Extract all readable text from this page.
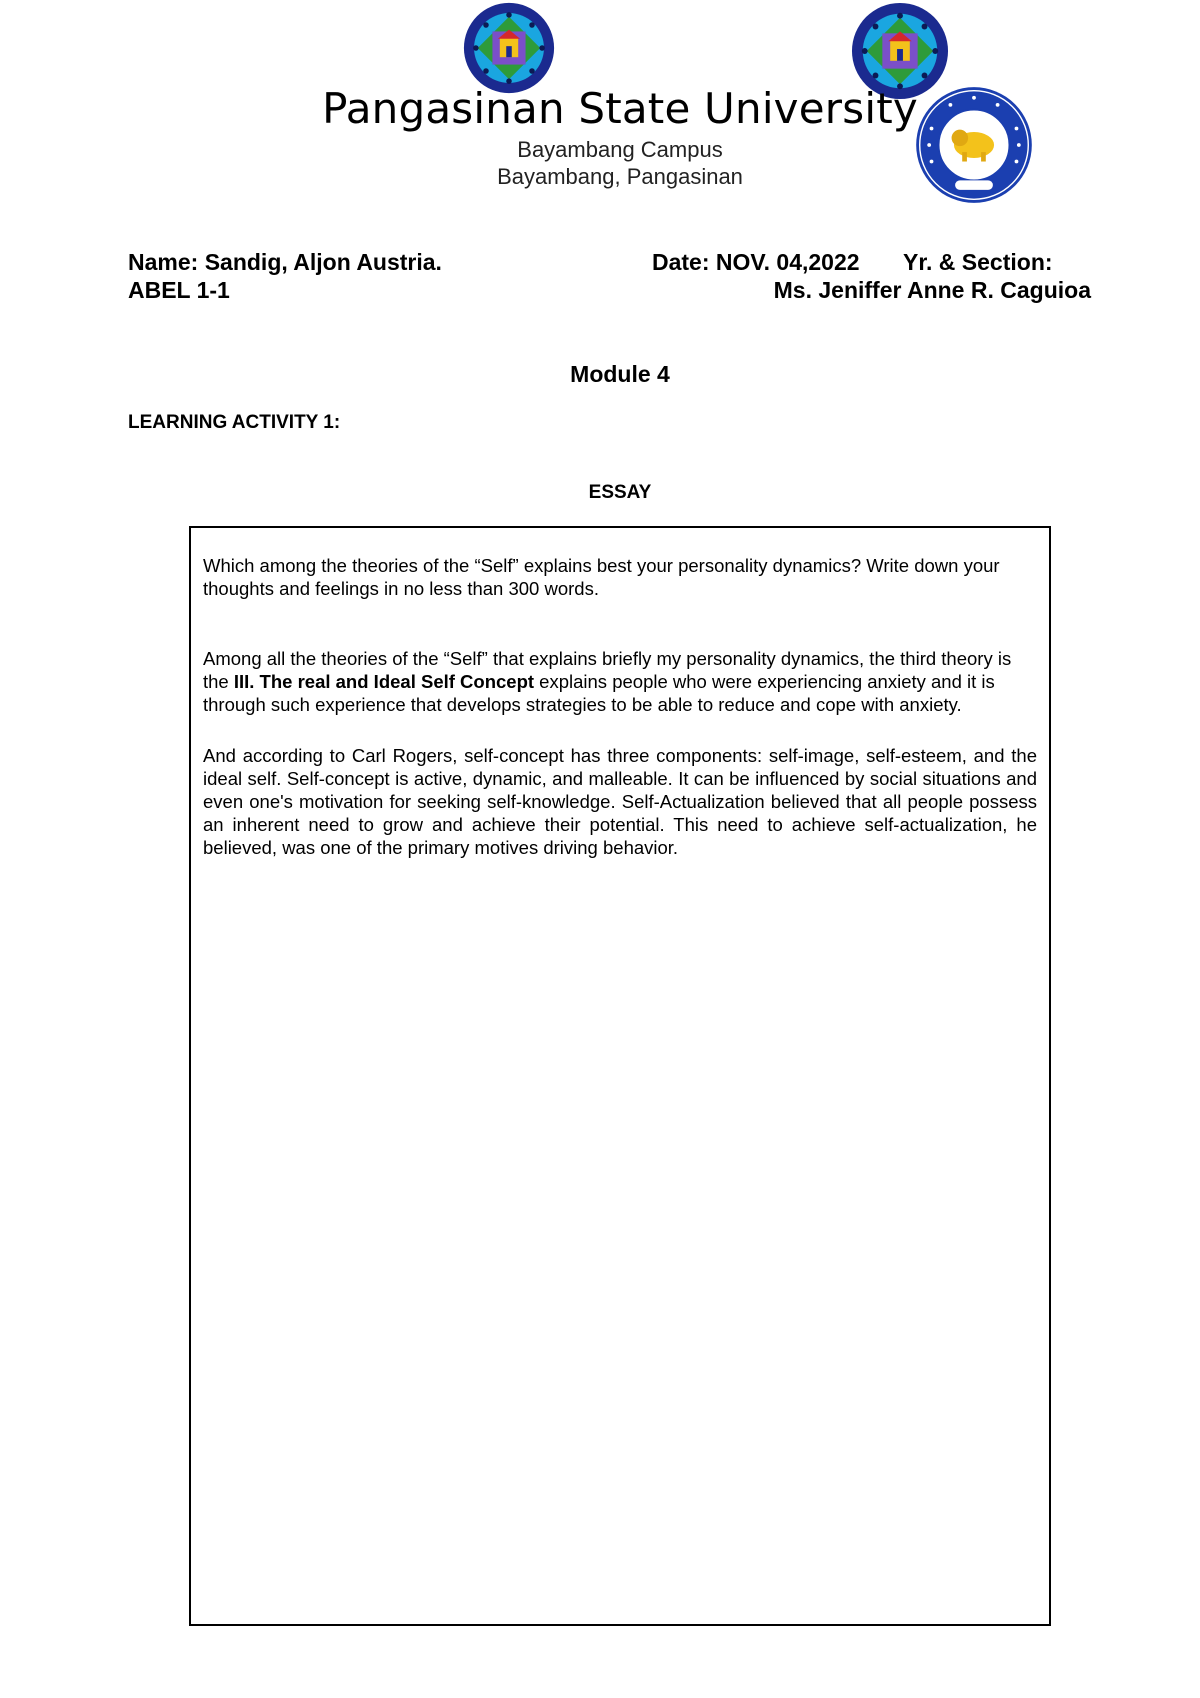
Pangasinan State University
Bayambang Campus
Bayambang, Pangasinan
Name: Sandig, Aljon Austria.	Date: NOV. 04,2022 Yr. & Section:
ABEL 1-1	Ms. Jeniffer Anne R. Caguioa
Module 4
LEARNING ACTIVITY 1:
ESSAY

Which among the theories of the “Self” explains best your personality dynamics? Write down your thoughts and feelings in no less than 300 words.

Among all the theories of the “Self” that explains briefly my personality dynamics, the third theory is the III. The real and Ideal Self Concept explains people who were experiencing anxiety and it is through such experience that develops strategies to be able to reduce and cope with anxiety.

And according to Carl Rogers, self-concept has three components: self-image, self-esteem, and the ideal self. Self-concept is active, dynamic, and malleable. It can be influenced by social situations and even one's motivation for seeking self-knowledge. Self-Actualization believed that all people possess an inherent need to grow and achieve their potential. This need to achieve self-actualization, he believed, was one of the primary motives driving behavior.
